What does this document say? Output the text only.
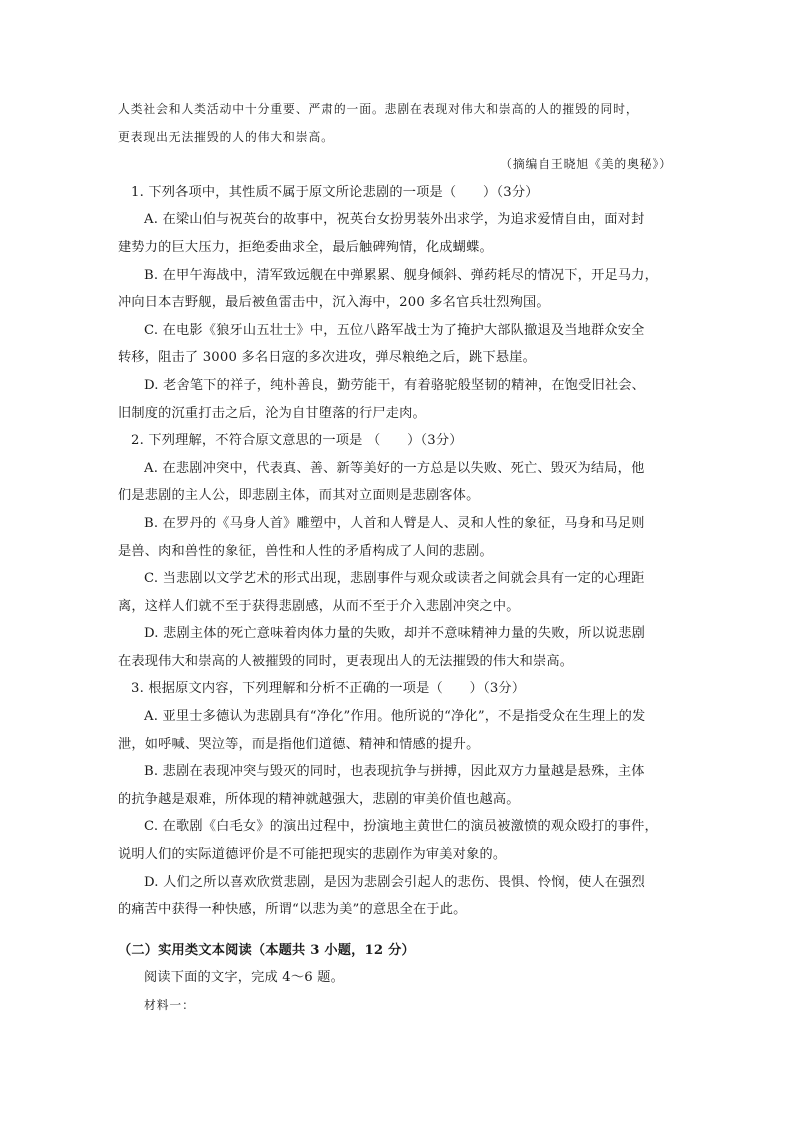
人类社会和人类活动中十分重要、严肃的一面。悲剧在表现对伟大和崇高的人的摧毁的同时，
更表现出无法摧毁的人的伟大和崇高。
（摘编自王晓旭《美的奥秘》）
1. 下列各项中，其性质不属于原文所论悲剧的一项是（　　）（3分）
A. 在梁山伯与祝英台的故事中，祝英台女扮男装外出求学，为追求爱情自由，面对封
建势力的巨大压力，拒绝委曲求全，最后触碑殉情，化成蝴蝶。
B. 在甲午海战中，清军致远舰在中弹累累、舰身倾斜、弹药耗尽的情况下，开足马力，
冲向日本吉野舰，最后被鱼雷击中，沉入海中，200 多名官兵壮烈殉国。
C. 在电影《狼牙山五壮士》中，五位八路军战士为了掩护大部队撤退及当地群众安全
转移，阻击了 3000 多名日寇的多次进攻，弹尽粮绝之后，跳下悬崖。
D. 老舍笔下的祥子，纯朴善良，勤劳能干，有着骆驼般坚韧的精神，在饱受旧社会、
旧制度的沉重打击之后，沦为自甘堕落的行尸走肉。
2. 下列理解，不符合原文意思的一项是 （　　）（3分）
A. 在悲剧冲突中，代表真、善、新等美好的一方总是以失败、死亡、毁灭为结局，他
们是悲剧的主人公，即悲剧主体，而其对立面则是悲剧客体。
B. 在罗丹的《马身人首》雕塑中，人首和人臂是人、灵和人性的象征，马身和马足则
是兽、肉和兽性的象征，兽性和人性的矛盾构成了人间的悲剧。
C. 当悲剧以文学艺术的形式出现，悲剧事件与观众或读者之间就会具有一定的心理距
离，这样人们就不至于获得悲剧感，从而不至于介入悲剧冲突之中。
D. 悲剧主体的死亡意味着肉体力量的失败，却并不意味精神力量的失败，所以说悲剧
在表现伟大和崇高的人被摧毁的同时，更表现出人的无法摧毁的伟大和崇高。
3. 根据原文内容，下列理解和分析不正确的一项是（　　）（3分）
A. 亚里士多德认为悲剧具有“净化”作用。他所说的“净化”，不是指受众在生理上的发
泄，如呼喊、哭泣等，而是指他们道德、精神和情感的提升。
B. 悲剧在表现冲突与毁灭的同时，也表现抗争与拼搏，因此双方力量越是悬殊，主体
的抗争越是艰难，所体现的精神就越强大，悲剧的审美价值也越高。
C. 在歌剧《白毛女》的演出过程中，扮演地主黄世仁的演员被激愤的观众殴打的事件，
说明人们的实际道德评价是不可能把现实的悲剧作为审美对象的。
D. 人们之所以喜欢欣赏悲剧，是因为悲剧会引起人的悲伤、畏惧、怜悯，使人在强烈
的痛苦中获得一种快感，所谓“以悲为美”的意思全在于此。
（二）实用类文本阅读（本题共 3 小题，12 分）
阅读下面的文字，完成 4～6 题。
材料一：
